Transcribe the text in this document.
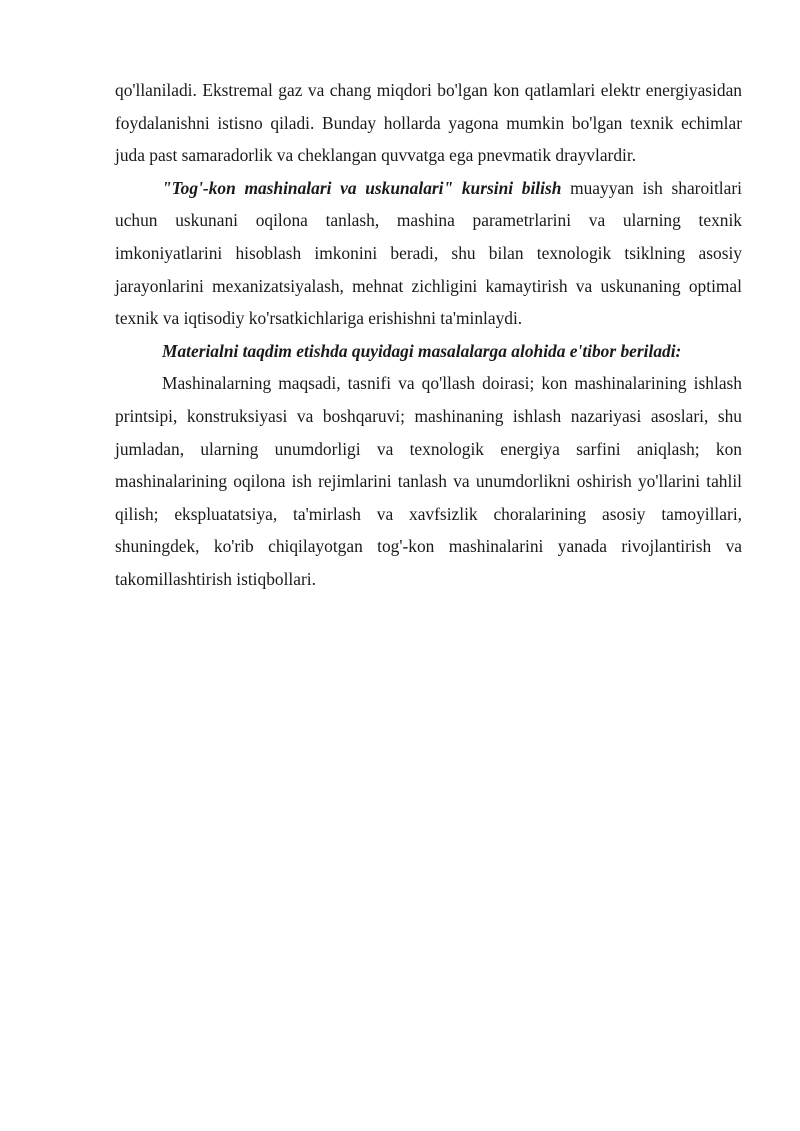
qo'llaniladi. Ekstremal gaz va chang miqdori bo'lgan kon qatlamlari elektr energiyasidan foydalanishni istisno qiladi. Bunday hollarda yagona mumkin bo'lgan texnik echimlar juda past samaradorlik va cheklangan quvvatga ega pnevmatik drayvlardir.

"Tog'-kon mashinalari va uskunalari" kursini bilish muayyan ish sharoitlari uchun uskunani oqilona tanlash, mashina parametrlarini va ularning texnik imkoniyatlarini hisoblash imkonini beradi, shu bilan texnologik tsiklning asosiy jarayonlarini mexanizatsiyalash, mehnat zichligini kamaytirish va uskunaning optimal texnik va iqtisodiy ko'rsatkichlariga erishishni ta'minlaydi.

Materialni taqdim etishda quyidagi masalalarga alohida e'tibor beriladi:

Mashinalarning maqsadi, tasnifi va qo'llash doirasi; kon mashinalarining ishlash printsipi, konstruksiyasi va boshqaruvi; mashinaning ishlash nazariyasi asoslari, shu jumladan, ularning unumdorligi va texnologik energiya sarfini aniqlash; kon mashinalarining oqilona ish rejimlarini tanlash va unumdorlikni oshirish yo'llarini tahlil qilish; ekspluatatsiya, ta'mirlash va xavfsizlik choralarining asosiy tamoyillari, shuningdek, ko'rib chiqilayotgan tog'-kon mashinalarini yanada rivojlantirish va takomillashtirish istiqbollari.
